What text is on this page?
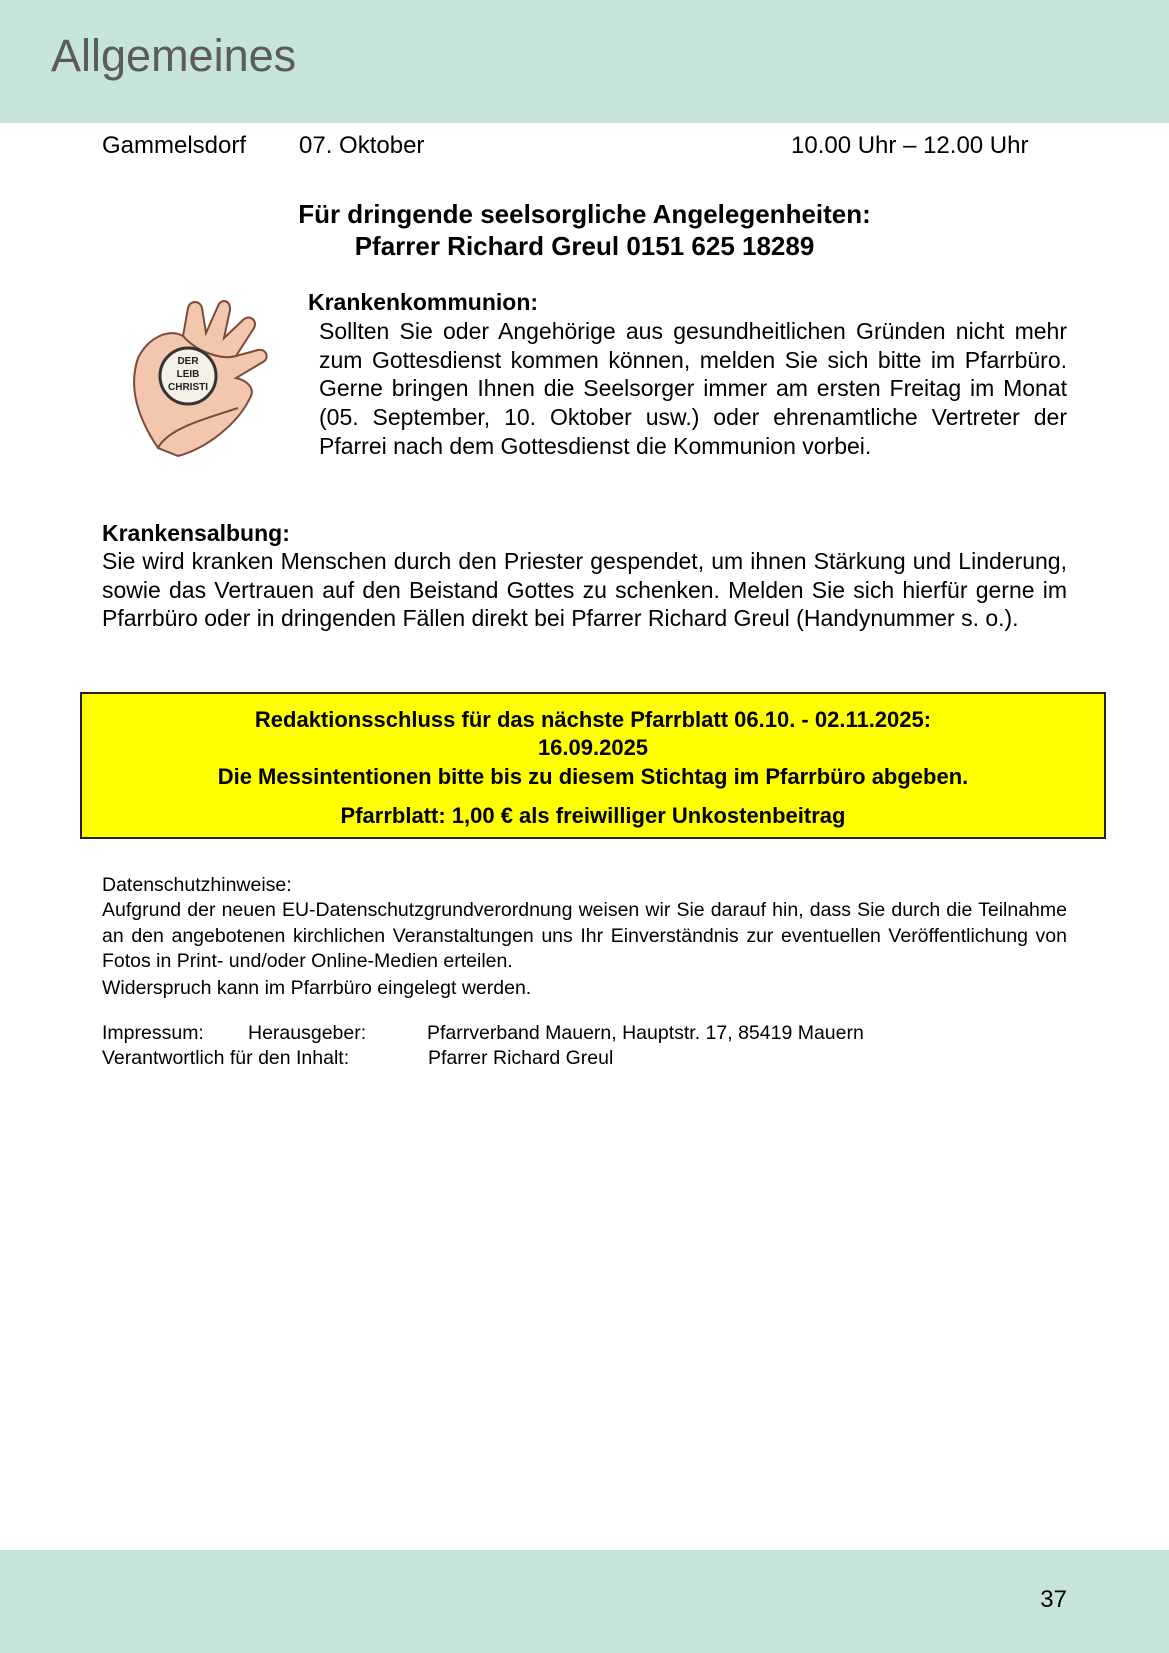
Allgemeines
Gammelsdorf 07. Oktober	10.00 Uhr – 12.00 Uhr
Für dringende seelsorgliche Angelegenheiten:
Pfarrer Richard Greul 0151 625 18289
DER
LEIB
CHRISTI
Krankenkommunion:

Sollten Sie oder Angehörige aus gesundheitlichen Gründen nicht mehr zum Gottesdienst kommen können, melden Sie sich bitte im Pfarrbüro. Gerne bringen Ihnen die Seelsorger immer am ersten Freitag im Monat (05. September, 10. Oktober usw.) oder ehrenamtliche Vertreter der Pfarrei nach dem Gottesdienst die Kommunion vorbei.

Krankensalbung:

Sie wird kranken Menschen durch den Priester gespendet, um ihnen Stärkung und Linderung, sowie das Vertrauen auf den Beistand Gottes zu schenken. Melden Sie sich hierfür gerne im Pfarrbüro oder in dringenden Fällen direkt bei Pfarrer Richard Greul (Handynummer s. o.).

Redaktionsschluss für das nächste Pfarrblatt 06.10. - 02.11.2025:
16.09.2025
Die Messintentionen bitte bis zu diesem Stichtag im Pfarrbüro abgeben.
Pfarrblatt: 1,00 € als freiwilliger Unkostenbeitrag
Datenschutzhinweise:

Aufgrund der neuen EU-Datenschutzgrundverordnung weisen wir Sie darauf hin, dass Sie durch die Teilnahme an den angebotenen kirchlichen Veranstaltungen uns Ihr Einverständnis zur eventuellen Veröffentlichung von Fotos in Print- und/oder Online-Medien erteilen.

Widerspruch kann im Pfarrbüro eingelegt werden.
Impressum: Herausgeber:	Pfarrverband Mauern, Hauptstr. 17, 85419 Mauern
Verantwortlich für den Inhalt:	Pfarrer Richard Greul
37
